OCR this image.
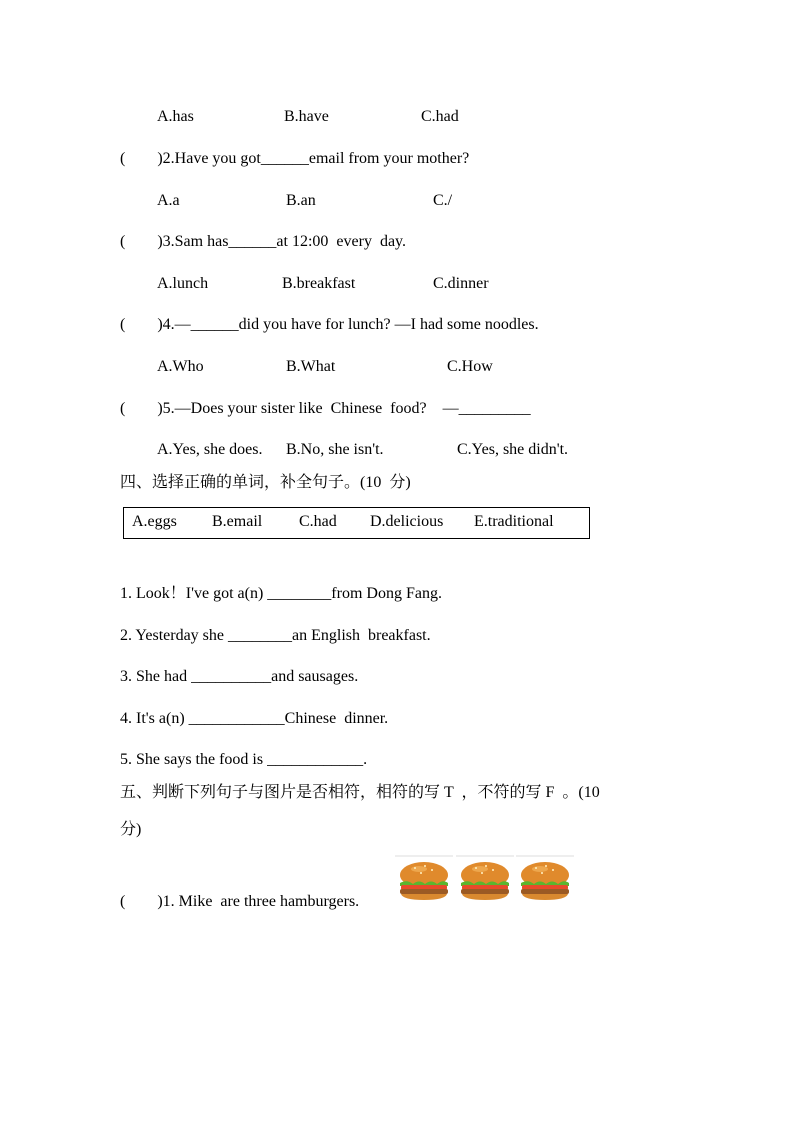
A.has	B.have	C.had
(        )2.Have you got______email from your mother?
A.a	B.an	C./
(        )3.Sam has______at 12:00  every  day.
A.lunch	B.breakfast	C.dinner
(        )4.—______did you have for lunch? —I had some noodles.
A.Who	B.What	C.How
(        )5.—Does your sister like  Chinese  food?    —_________
A.Yes, she does. B.No, she isn't.	C.Yes, she didn't.
四、选择正确的单词，补全句子。(10  分)
A.eggs B.email C.had D.delicious E.traditional
1. Look！I've got a(n) ________from Dong Fang.
2. Yesterday she ________an English  breakfast.
3. She had __________and sausages.
4. It's a(n) ____________Chinese  dinner.
5. She says the food is ____________.
五、判断下列句子与图片是否相符，相符的写 T  ，不符的写 F  。(10
分)
(        )1. Mike  are three hamburgers.
